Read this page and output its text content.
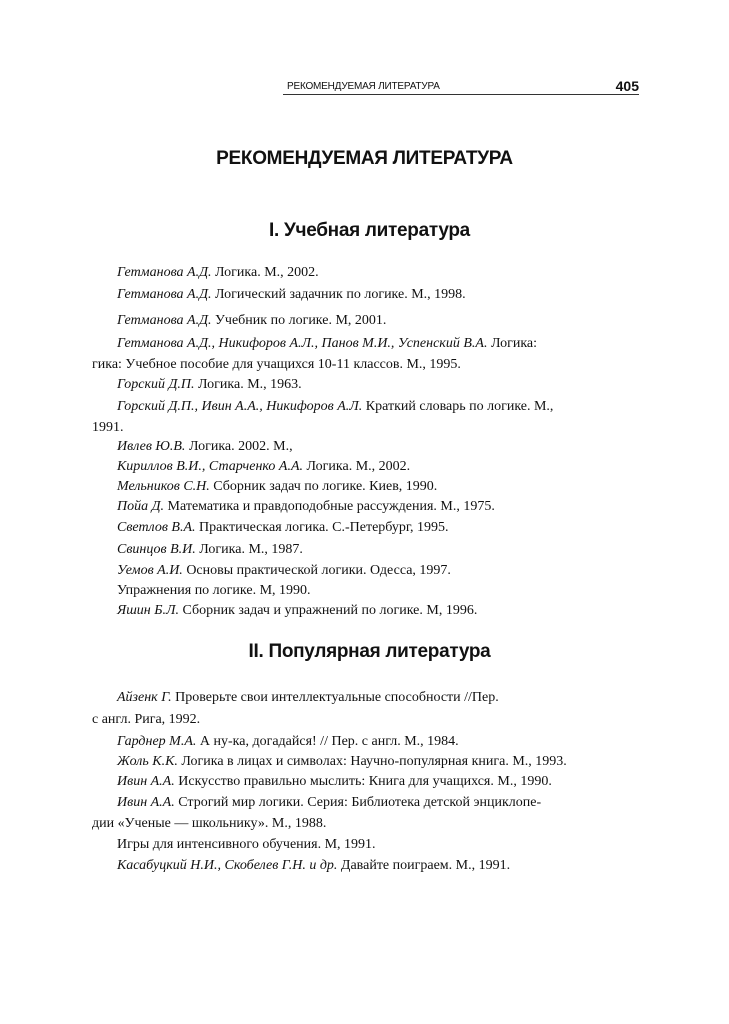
РЕКОМЕНДУЕМАЯ ЛИТЕРАТУРА	405
РЕКОМЕНДУЕМАЯ ЛИТЕРАТУРА
I. Учебная литература
II. Популярная литература
Гетманова А.Д. Логика. М., 2002.
Гетманова А.Д. Логический задачник по логике. М., 1998.
Гетманова А.Д. Учебник по логике. М, 2001.
Гетманова А.Д., Никифоров А.Л., Панов М.И., Успенский В.А. Логика:
гика: Учебное пособие для учащихся 10-11 классов. М., 1995.
Горский Д.П. Логика. М., 1963.
Горский Д.П., Ивин А.А., Никифоров А.Л. Краткий словарь по логике. М.,
1991.
Ивлев Ю.В. Логика. 2002. М.,
Кириллов В.И., Старченко А.А. Логика. М., 2002.
Мельников С.Н. Сборник задач по логике. Киев, 1990.
Пойа Д. Математика и правдоподобные рассуждения. М., 1975.
Светлов В.А. Практическая логика. С.-Петербург, 1995.
Свинцов В.И. Логика. М., 1987.
Уемов А.И. Основы практической логики. Одесса, 1997.
Упражнения по логике. М, 1990.
Яшин Б.Л. Сборник задач и упражнений по логике. М, 1996.
Айзенк Г. Проверьте свои интеллектуальные способности //Пер.
с англ. Рига, 1992.
Гарднер М.А. А ну-ка, догадайся! // Пер. с англ. М., 1984.
Жоль К.К. Логика в лицах и символах: Научно-популярная книга. М., 1993.
Ивин А.А. Искусство правильно мыслить: Книга для учащихся. М., 1990.
Ивин А.А. Строгий мир логики. Серия: Библиотека детской энциклопе-
дии «Ученые — школьнику». М., 1988.
Игры для интенсивного обучения. М, 1991.
Касабуцкий Н.И., Скобелев Г.Н. и др. Давайте поиграем. М., 1991.
